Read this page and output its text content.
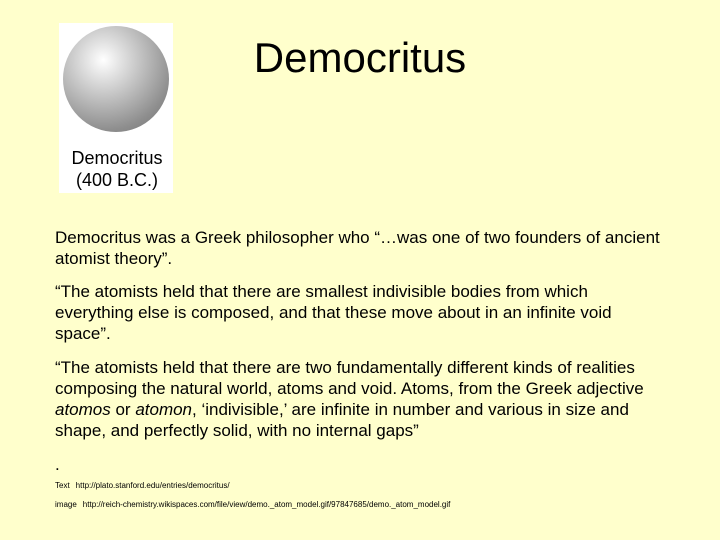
Democritus
(400 B.C.)
Democritus

Democritus was a Greek philosopher who “…was one of two founders of ancient atomist theory”.

“The atomists held that there are smallest indivisible bodies from which everything else is composed, and that these move about in an infinite void space”.

“The atomists held that there are two fundamentally different kinds of realities composing the natural world, atoms and void. Atoms, from the Greek adjective atomos or atomon, ‘indivisible,’ are infinite in number and various in size and shape, and perfectly solid, with no internal gaps”

.

Text http://plato.stanford.edu/entries/democritus/
image http://reich-chemistry.wikispaces.com/file/view/demo._atom_model.gif/97847685/demo._atom_model.gif
